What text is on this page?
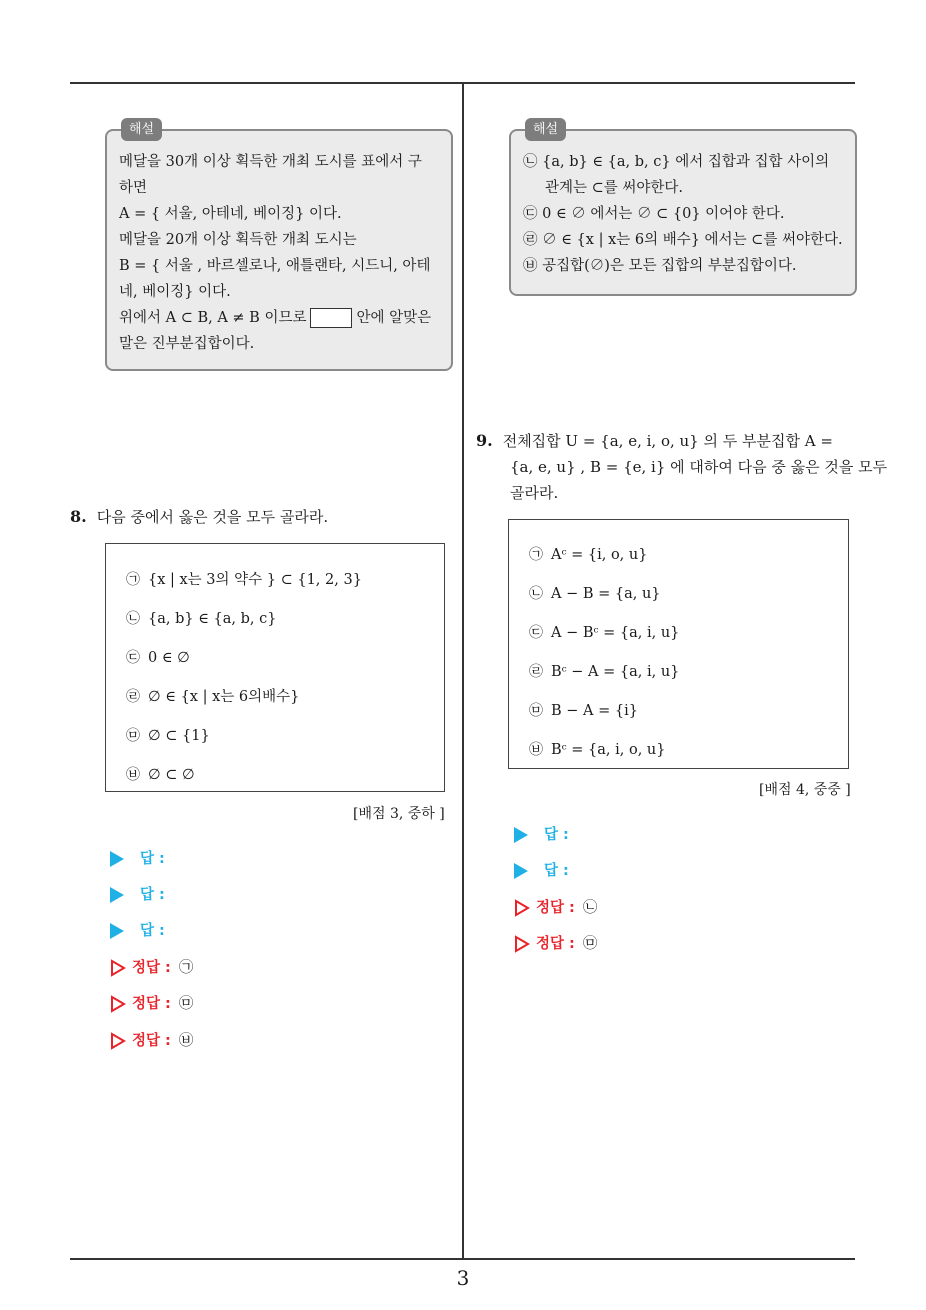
해설
메달을 30개 이상 획득한 개최 도시를 표에서 구
하면
A = { 서울, 아테네, 베이징} 이다.
메달을 20개 이상 획득한 개최 도시는
B = { 서울 , 바르셀로나, 애틀랜타, 시드니, 아테
네, 베이징} 이다.
위에서 A ⊂ B, A ≠ B 이므로	안에 알맞은
말은 진부분집합이다.
해설
㉡ {a, b} ∈ {a, b, c} 에서 집합과 집합 사이의
관계는 ⊂를 써야한다.
㉢ 0 ∈ ∅ 에서는 ∅ ⊂ {0} 이어야 한다.
㉣ ∅ ∈ {x | x는 6의 배수} 에서는 ⊂를 써야한다.
㉥ 공집합(∅)은 모든 집합의 부분집합이다.
8. 다음 중에서 옳은 것을 모두 골라라.
㉠ {x | x는 3의 약수 } ⊂ {1, 2, 3}
㉡ {a, b} ∈ {a, b, c}
㉢ 0 ∈ ∅
㉣ ∅ ∈ {x | x는 6의배수}
㉤ ∅ ⊂ {1}
㉥ ∅ ⊂ ∅
[배점 3, 중하 ]
답 :
답 :
답 :
정답 : ㉠
정답 : ㉤
정답 : ㉥
9. 전체집합 U = {a, e, i, o, u} 의 두 부분집합 A =
{a, e, u} , B = {e, i} 에 대하여 다음 중 옳은 것을 모두
골라라.
㉠ Aᶜ = {i, o, u}
㉡ A − B = {a, u}
㉢ A − Bᶜ = {a, i, u}
㉣ Bᶜ − A = {a, i, u}
㉤ B − A = {i}
㉥ Bᶜ = {a, i, o, u}
[배점 4, 중중 ]
답 :
답 :
정답 : ㉡
정답 : ㉤
3
